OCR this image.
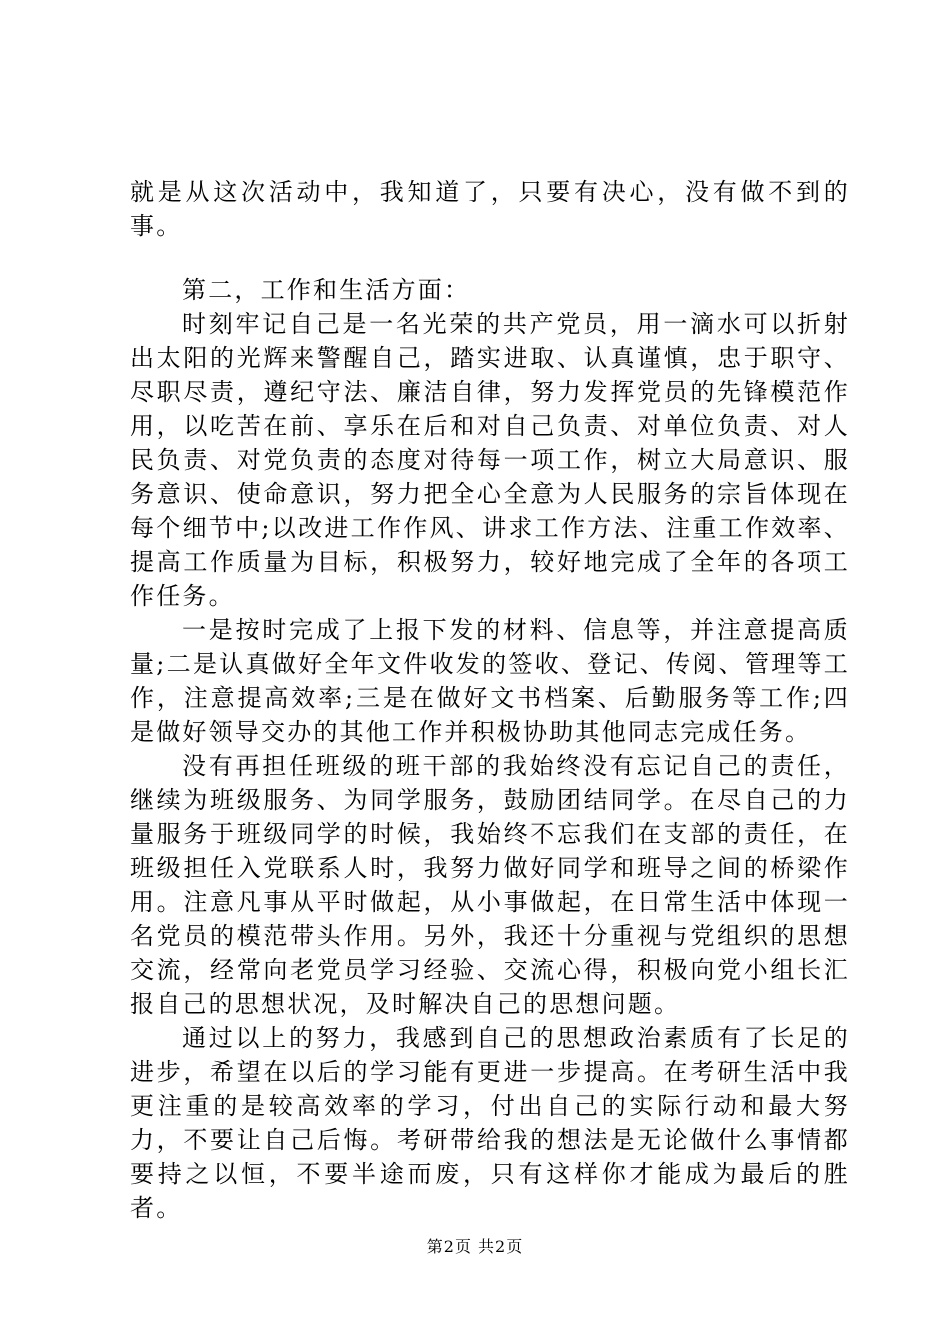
就是从这次活动中，我知道了，只要有决心，没有做不到的事。

第二，工作和生活方面：

时刻牢记自己是一名光荣的共产党员，用一滴水可以折射出太阳的光辉来警醒自己，踏实进取、认真谨慎，忠于职守、尽职尽责，遵纪守法、廉洁自律，努力发挥党员的先锋模范作用，以吃苦在前、享乐在后和对自己负责、对单位负责、对人民负责、对党负责的态度对待每一项工作，树立大局意识、服务意识、使命意识，努力把全心全意为人民服务的宗旨体现在每个细节中;以改进工作作风、讲求工作方法、注重工作效率、提高工作质量为目标，积极努力，较好地完成了全年的各项工作任务。

一是按时完成了上报下发的材料、信息等，并注意提高质量;二是认真做好全年文件收发的签收、登记、传阅、管理等工作，注意提高效率;三是在做好文书档案、后勤服务等工作;四是做好领导交办的其他工作并积极协助其他同志完成任务。

没有再担任班级的班干部的我始终没有忘记自己的责任，继续为班级服务、为同学服务，鼓励团结同学。在尽自己的力量服务于班级同学的时候，我始终不忘我们在支部的责任，在班级担任入党联系人时，我努力做好同学和班导之间的桥梁作用。注意凡事从平时做起，从小事做起，在日常生活中体现一名党员的模范带头作用。另外，我还十分重视与党组织的思想交流，经常向老党员学习经验、交流心得，积极向党小组长汇报自己的思想状况，及时解决自己的思想问题。

通过以上的努力，我感到自己的思想政治素质有了长足的进步，希望在以后的学习能有更进一步提高。在考研生活中我更注重的是较高效率的学习，付出自己的实际行动和最大努力，不要让自己后悔。考研带给我的想法是无论做什么事情都要持之以恒，不要半途而废，只有这样你才能成为最后的胜者。

第2页 共2页
